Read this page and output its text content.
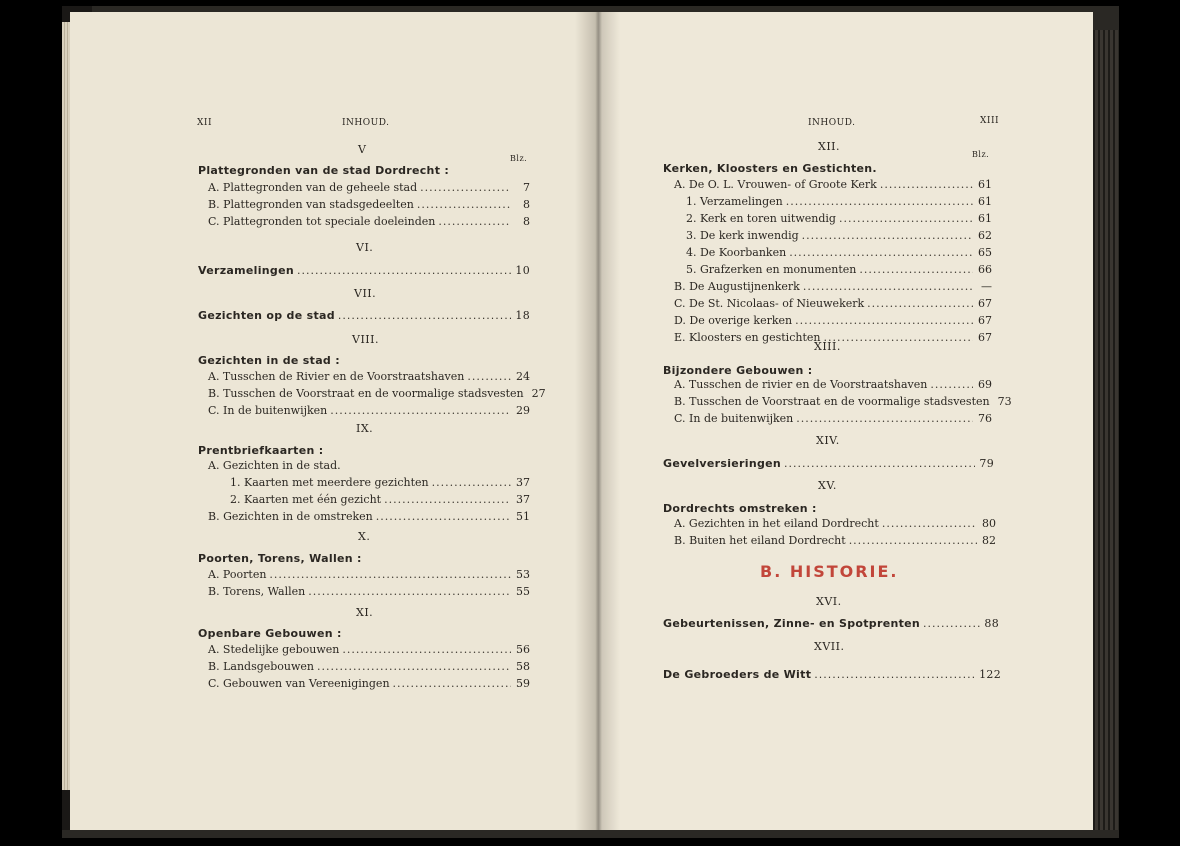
XII	INHOUD.
V
Blz.
Plattegronden van de stad Dordrecht :
A. Plattegronden van de geheele stad .....	7
B. Plattegronden van stadsgedeelten .....	8
C. Plattegronden tot speciale doeleinden .....	8
VI.
Verzamelingen .....	10
VII.
Gezichten op de stad .....	18
VIII.
Gezichten in de stad :
A. Tusschen de Rivier en de Voorstraatshaven .....	24
B. Tusschen de Voorstraat en de voormalige stadsvesten 27
C. In de buitenwijken .....	29
IX.
Prentbriefkaarten :
A. Gezichten in de stad.
1. Kaarten met meerdere gezichten .....	37
2. Kaarten met één gezicht .....	37
B. Gezichten in de omstreken .....	51
X.
Poorten, Torens, Wallen :
A. Poorten .....	53
B. Torens, Wallen .....	55
XI.
Openbare Gebouwen :
A. Stedelijke gebouwen .....	56
B. Landsgebouwen .....	58
C. Gebouwen van Vereenigingen .....	59
INHOUD.	XIII
XII.
Blz.
Kerken, Kloosters en Gestichten.
A. De O. L. Vrouwen- of Groote Kerk .....	61
1. Verzamelingen .....	61
2. Kerk en toren uitwendig .....	61
3. De kerk inwendig .....	62
4. De Koorbanken .....	65
5. Grafzerken en monumenten .....	66
B. De Augustijnenkerk .....	—
C. De St. Nicolaas- of Nieuwekerk .....	67
D. De overige kerken .....	67
E. Kloosters en gestichten .....	67
XIII.
Bijzondere Gebouwen :
A. Tusschen de rivier en de Voorstraatshaven .....	69
B. Tusschen de Voorstraat en de voormalige stadsvesten 73
C. In de buitenwijken .....	76
XIV.
Gevelversieringen .....	79
XV.
Dordrechts omstreken :
A. Gezichten in het eiland Dordrecht .....	80
B. Buiten het eiland Dordrecht .....	82
B. HISTORIE.
XVI.
Gebeurtenissen, Zinne- en Spotprenten .....	88
XVII.
De Gebroeders de Witt .....	122
